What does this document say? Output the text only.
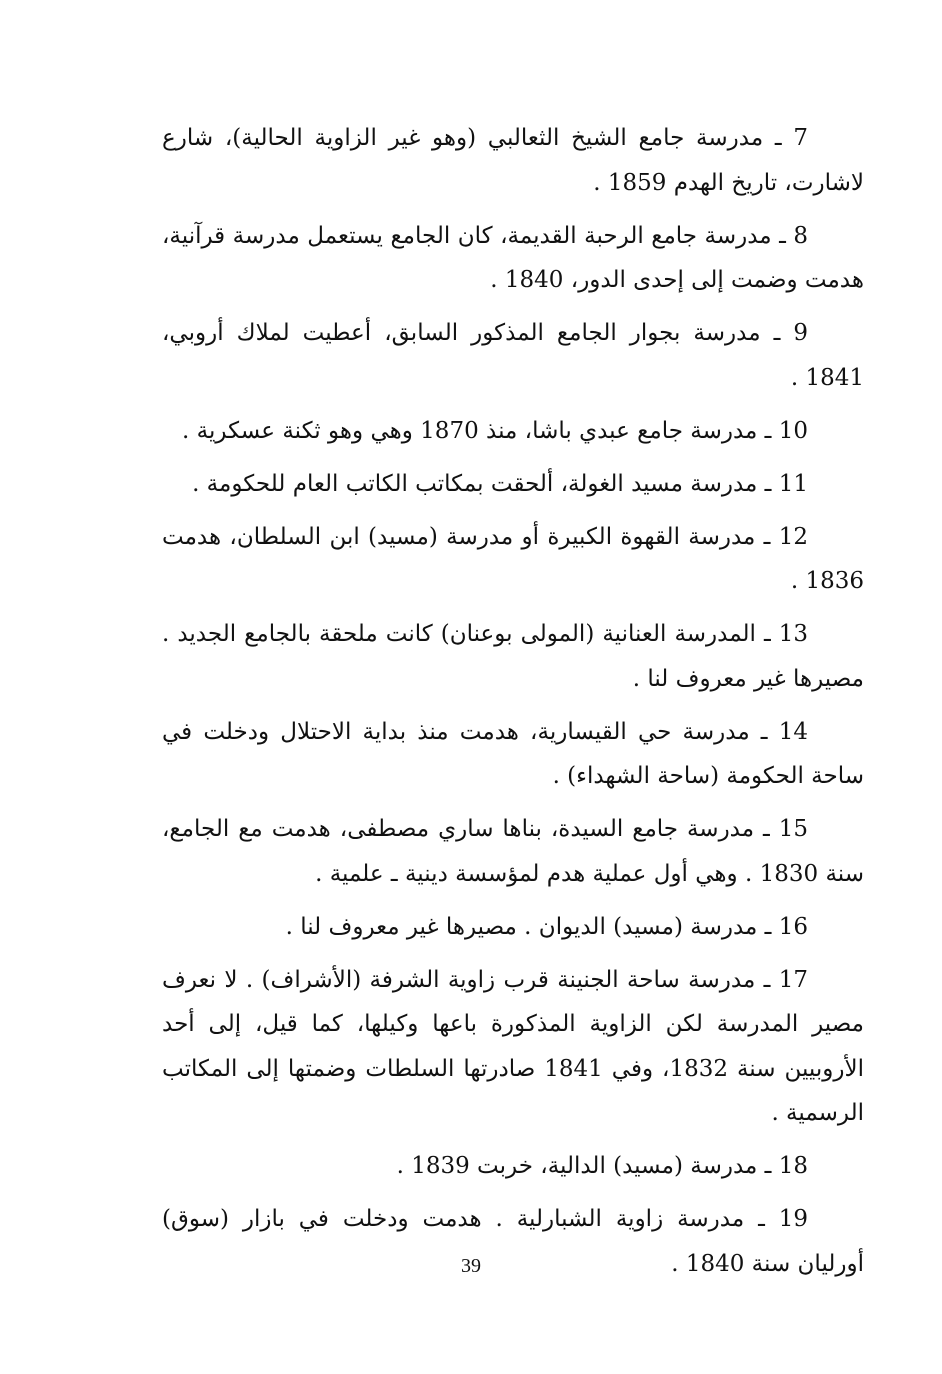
7 ـ مدرسة جامع الشيخ الثعالبي (وهو غير الزاوية الحالية)، شارع لاشارت، تاريخ الهدم 1859 .

8 ـ مدرسة جامع الرحبة القديمة، كان الجامع يستعمل مدرسة قرآنية، هدمت وضمت إلى إحدى الدور، 1840 .

9 ـ مدرسة بجوار الجامع المذكور السابق، أعطيت لملاك أروبي، 1841 .

10 ـ مدرسة جامع عبدي باشا، منذ 1870 وهي وهو ثكنة عسكرية .

11 ـ مدرسة مسيد الغولة، ألحقت بمكاتب الكاتب العام للحكومة .

12 ـ مدرسة القهوة الكبيرة أو مدرسة (مسيد) ابن السلطان، هدمت 1836 .

13 ـ المدرسة العنانية (المولى بوعنان) كانت ملحقة بالجامع الجديد . مصيرها غير معروف لنا .

14 ـ مدرسة حي القيسارية، هدمت منذ بداية الاحتلال ودخلت في ساحة الحكومة (ساحة الشهداء) .

15 ـ مدرسة جامع السيدة، بناها ساري مصطفى، هدمت مع الجامع، سنة 1830 . وهي أول عملية هدم لمؤسسة دينية ـ علمية .

16 ـ مدرسة (مسيد) الديوان . مصيرها غير معروف لنا .

17 ـ مدرسة ساحة الجنينة قرب زاوية الشرفة (الأشراف) . لا نعرف مصير المدرسة لكن الزاوية المذكورة باعها وكيلها، كما قيل، إلى أحد الأروبيين سنة 1832، وفي 1841 صادرتها السلطات وضمتها إلى المكاتب الرسمية .

18 ـ مدرسة (مسيد) الدالية، خربت 1839 .

19 ـ مدرسة زاوية الشبارلية . هدمت ودخلت في بازار (سوق) أورليان سنة 1840 .

39
